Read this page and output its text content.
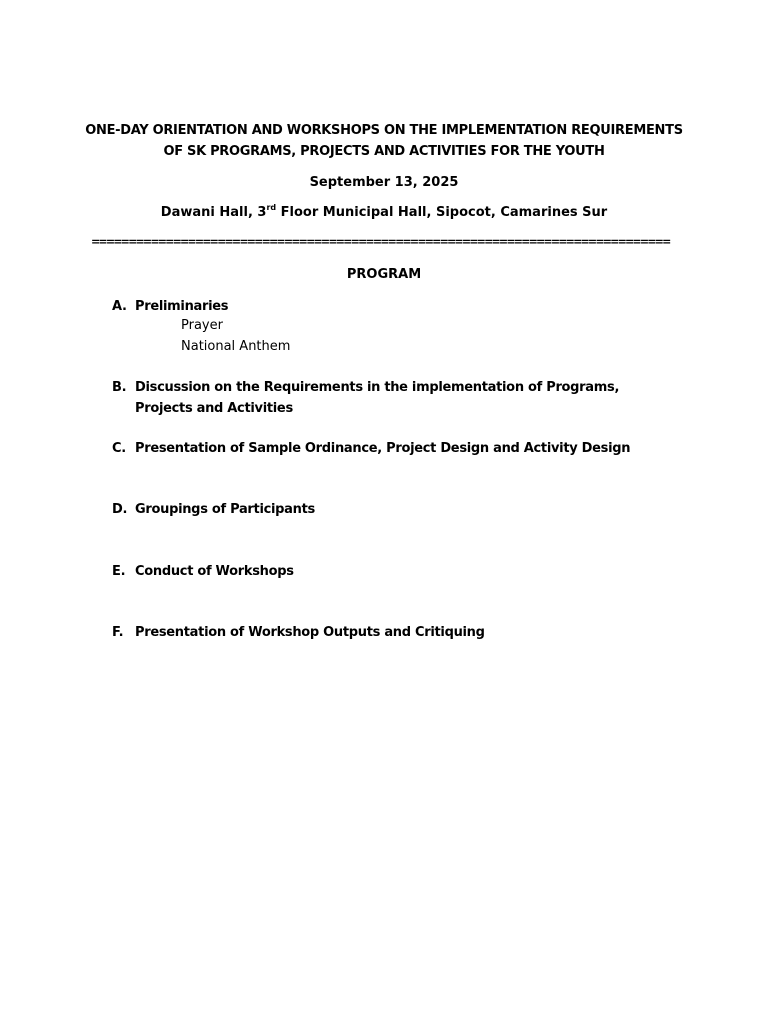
ONE-DAY ORIENTATION AND WORKSHOPS ON THE IMPLEMENTATION REQUIREMENTS OF SK PROGRAMS, PROJECTS AND ACTIVITIES FOR THE YOUTH
September 13, 2025
Dawani Hall, 3rd Floor Municipal Hall, Sipocot, Camarines Sur
==============================================================================
PROGRAM
A. Preliminaries
Prayer
National Anthem
B. Discussion on the Requirements in the implementation of Programs, Projects and Activities
C. Presentation of Sample Ordinance, Project Design and Activity Design
D. Groupings of Participants
E. Conduct of Workshops
F. Presentation of Workshop Outputs and Critiquing
